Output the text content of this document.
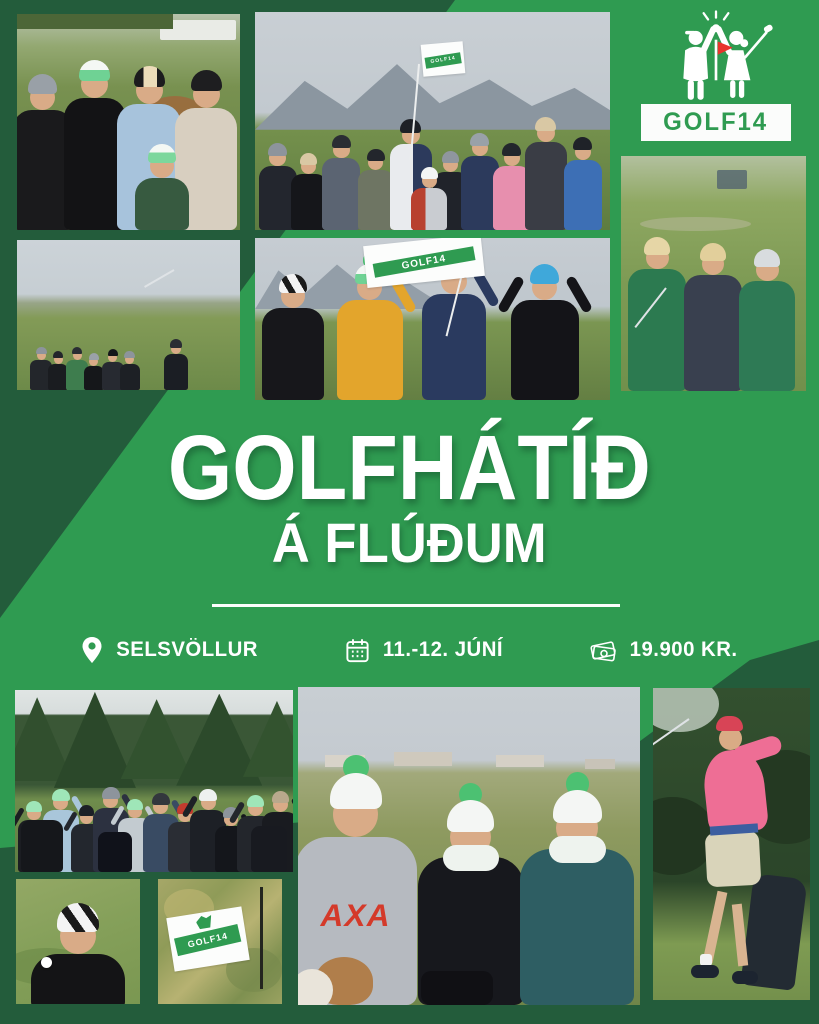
GOLF14
GOLF14
GOLF14
GOLFHÁTÍÐ
Á FLÚÐUM
SELSVÖLLUR	11.-12. JÚNÍ	19.900 KR.
GOLF14
AXA
